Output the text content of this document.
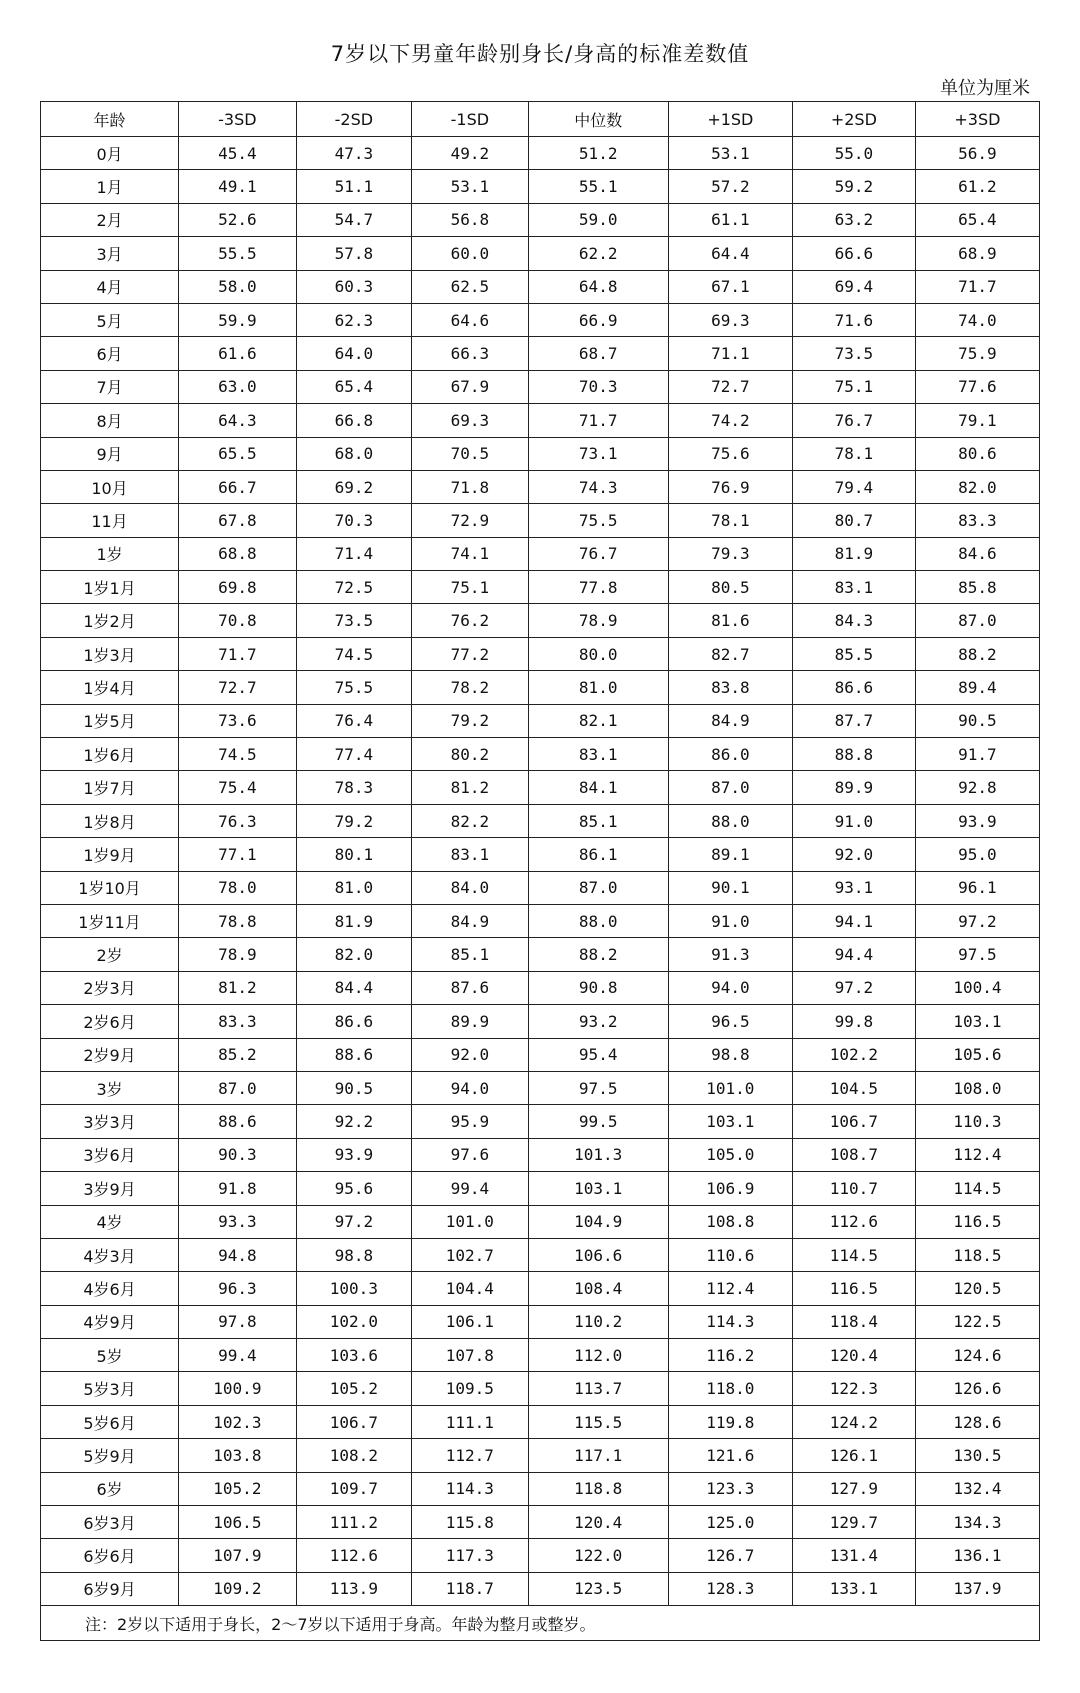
7岁以下男童年龄别身长/身高的标准差数值
单位为厘米
年龄	-3SD	-2SD	-1SD	中位数	+1SD	+2SD	+3SD
0月	45.4	47.3	49.2	51.2	53.1	55.0	56.9
1月	49.1	51.1	53.1	55.1	57.2	59.2	61.2
2月	52.6	54.7	56.8	59.0	61.1	63.2	65.4
3月	55.5	57.8	60.0	62.2	64.4	66.6	68.9
4月	58.0	60.3	62.5	64.8	67.1	69.4	71.7
5月	59.9	62.3	64.6	66.9	69.3	71.6	74.0
6月	61.6	64.0	66.3	68.7	71.1	73.5	75.9
7月	63.0	65.4	67.9	70.3	72.7	75.1	77.6
8月	64.3	66.8	69.3	71.7	74.2	76.7	79.1
9月	65.5	68.0	70.5	73.1	75.6	78.1	80.6
10月	66.7	69.2	71.8	74.3	76.9	79.4	82.0
11月	67.8	70.3	72.9	75.5	78.1	80.7	83.3
1岁	68.8	71.4	74.1	76.7	79.3	81.9	84.6
1岁1月	69.8	72.5	75.1	77.8	80.5	83.1	85.8
1岁2月	70.8	73.5	76.2	78.9	81.6	84.3	87.0
1岁3月	71.7	74.5	77.2	80.0	82.7	85.5	88.2
1岁4月	72.7	75.5	78.2	81.0	83.8	86.6	89.4
1岁5月	73.6	76.4	79.2	82.1	84.9	87.7	90.5
1岁6月	74.5	77.4	80.2	83.1	86.0	88.8	91.7
1岁7月	75.4	78.3	81.2	84.1	87.0	89.9	92.8
1岁8月	76.3	79.2	82.2	85.1	88.0	91.0	93.9
1岁9月	77.1	80.1	83.1	86.1	89.1	92.0	95.0
1岁10月	78.0	81.0	84.0	87.0	90.1	93.1	96.1
1岁11月	78.8	81.9	84.9	88.0	91.0	94.1	97.2
2岁	78.9	82.0	85.1	88.2	91.3	94.4	97.5
2岁3月	81.2	84.4	87.6	90.8	94.0	97.2	100.4
2岁6月	83.3	86.6	89.9	93.2	96.5	99.8	103.1
2岁9月	85.2	88.6	92.0	95.4	98.8	102.2	105.6
3岁	87.0	90.5	94.0	97.5	101.0	104.5	108.0
3岁3月	88.6	92.2	95.9	99.5	103.1	106.7	110.3
3岁6月	90.3	93.9	97.6	101.3	105.0	108.7	112.4
3岁9月	91.8	95.6	99.4	103.1	106.9	110.7	114.5
4岁	93.3	97.2	101.0	104.9	108.8	112.6	116.5
4岁3月	94.8	98.8	102.7	106.6	110.6	114.5	118.5
4岁6月	96.3	100.3	104.4	108.4	112.4	116.5	120.5
4岁9月	97.8	102.0	106.1	110.2	114.3	118.4	122.5
5岁	99.4	103.6	107.8	112.0	116.2	120.4	124.6
5岁3月	100.9	105.2	109.5	113.7	118.0	122.3	126.6
5岁6月	102.3	106.7	111.1	115.5	119.8	124.2	128.6
5岁9月	103.8	108.2	112.7	117.1	121.6	126.1	130.5
6岁	105.2	109.7	114.3	118.8	123.3	127.9	132.4
6岁3月	106.5	111.2	115.8	120.4	125.0	129.7	134.3
6岁6月	107.9	112.6	117.3	122.0	126.7	131.4	136.1
6岁9月	109.2	113.9	118.7	123.5	128.3	133.1	137.9
注：2岁以下适用于身长，2～7岁以下适用于身高。年龄为整月或整岁。							
